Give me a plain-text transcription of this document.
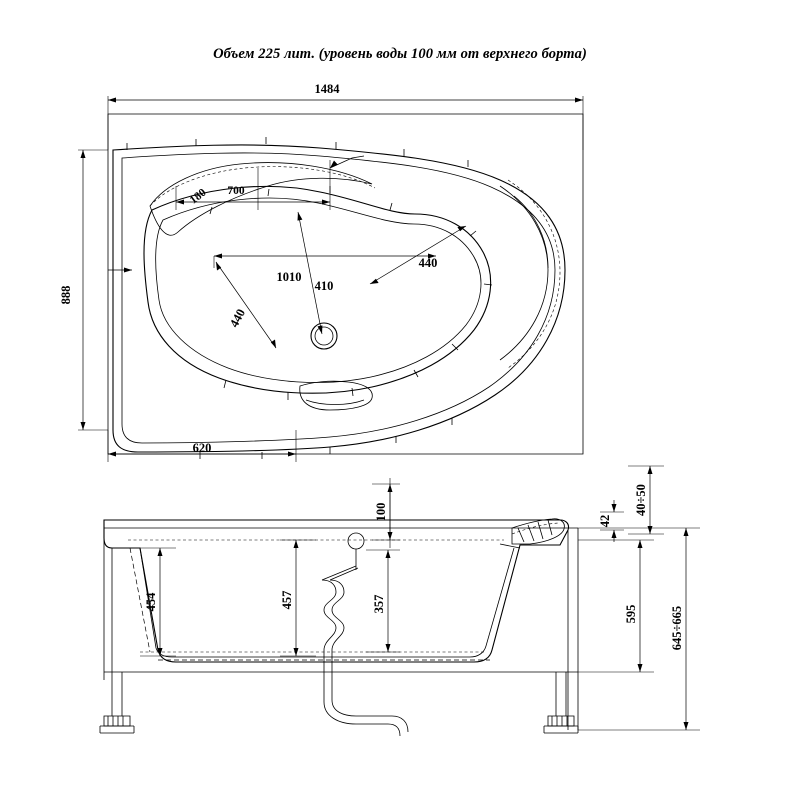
Объем 225 лит. (уровень воды 100 мм от верхнего борта)
1484
888
620
1010
440
440
410
180 700
100	42
40÷50
454	457	357
595	645÷665
